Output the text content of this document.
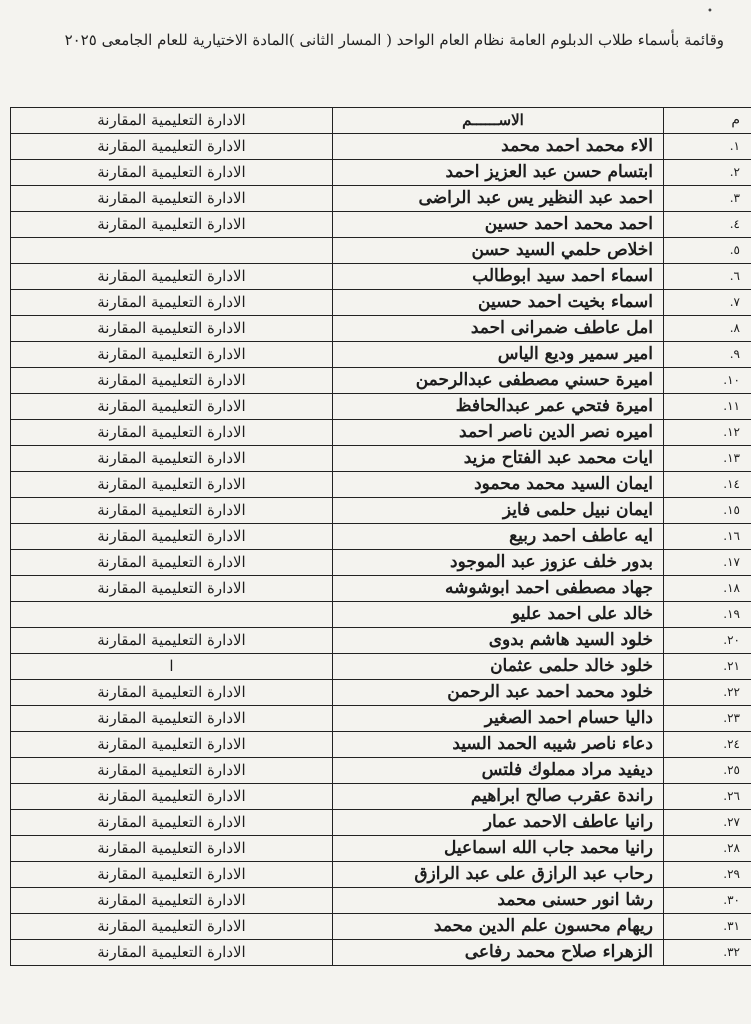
•
وقائمة بأسماء طلاب الدبلوم العامة نظام العام الواحد ( المسار الثانى )المادة الاختيارية للعام الجامعى ٢٠٢٥
م	الاســــــم	الادارة التعليمية المقارنة
١.	الاء محمد احمد محمد	الادارة التعليمية المقارنة
٢.	ابتسام حسن عبد العزيز احمد	الادارة التعليمية المقارنة
٣.	احمد عبد النظير يس عبد الراضى	الادارة التعليمية المقارنة
٤.	احمد محمد احمد حسين	الادارة التعليمية المقارنة
٥.	اخلاص حلمي السيد حسن	
٦.	اسماء احمد سيد ابوطالب	الادارة التعليمية المقارنة
٧.	اسماء بخيت احمد حسين	الادارة التعليمية المقارنة
٨.	امل عاطف ضمرانى احمد	الادارة التعليمية المقارنة
٩.	امير سمير وديع الياس	الادارة التعليمية المقارنة
١٠.	اميرة حسني مصطفى عبدالرحمن	الادارة التعليمية المقارنة
١١.	اميرة فتحي عمر عبدالحافظ	الادارة التعليمية المقارنة
١٢.	اميره نصر الدين ناصر احمد	الادارة التعليمية المقارنة
١٣.	ايات محمد عبد الفتاح مزيد	الادارة التعليمية المقارنة
١٤.	ايمان السيد محمد محمود	الادارة التعليمية المقارنة
١٥.	ايمان نبيل حلمى فايز	الادارة التعليمية المقارنة
١٦.	ايه عاطف احمد ربيع	الادارة التعليمية المقارنة
١٧.	بدور خلف عزوز عبد الموجود	الادارة التعليمية المقارنة
١٨.	جهاد مصطفى احمد ابوشوشه	الادارة التعليمية المقارنة
١٩.	خالد على احمد عليو	
٢٠.	خلود السيد هاشم بدوى	الادارة التعليمية المقارنة
٢١.	خلود خالد حلمى عثمان	ا
٢٢.	خلود محمد احمد عبد الرحمن	الادارة التعليمية المقارنة
٢٣.	داليا حسام احمد الصغير	الادارة التعليمية المقارنة
٢٤.	دعاء ناصر شيبه الحمد السيد	الادارة التعليمية المقارنة
٢٥.	ديفيد مراد مملوك فلتس	الادارة التعليمية المقارنة
٢٦.	راندة عقرب صالح ابراهيم	الادارة التعليمية المقارنة
٢٧.	رانيا عاطف الاحمد عمار	الادارة التعليمية المقارنة
٢٨.	رانيا محمد جاب الله اسماعيل	الادارة التعليمية المقارنة
٢٩.	رحاب عبد الرازق على عبد الرازق	الادارة التعليمية المقارنة
٣٠.	رشا انور حسنى محمد	الادارة التعليمية المقارنة
٣١.	ريهام محسون علم الدين محمد	الادارة التعليمية المقارنة
٣٢.	الزهراء صلاح محمد رفاعى	الادارة التعليمية المقارنة
